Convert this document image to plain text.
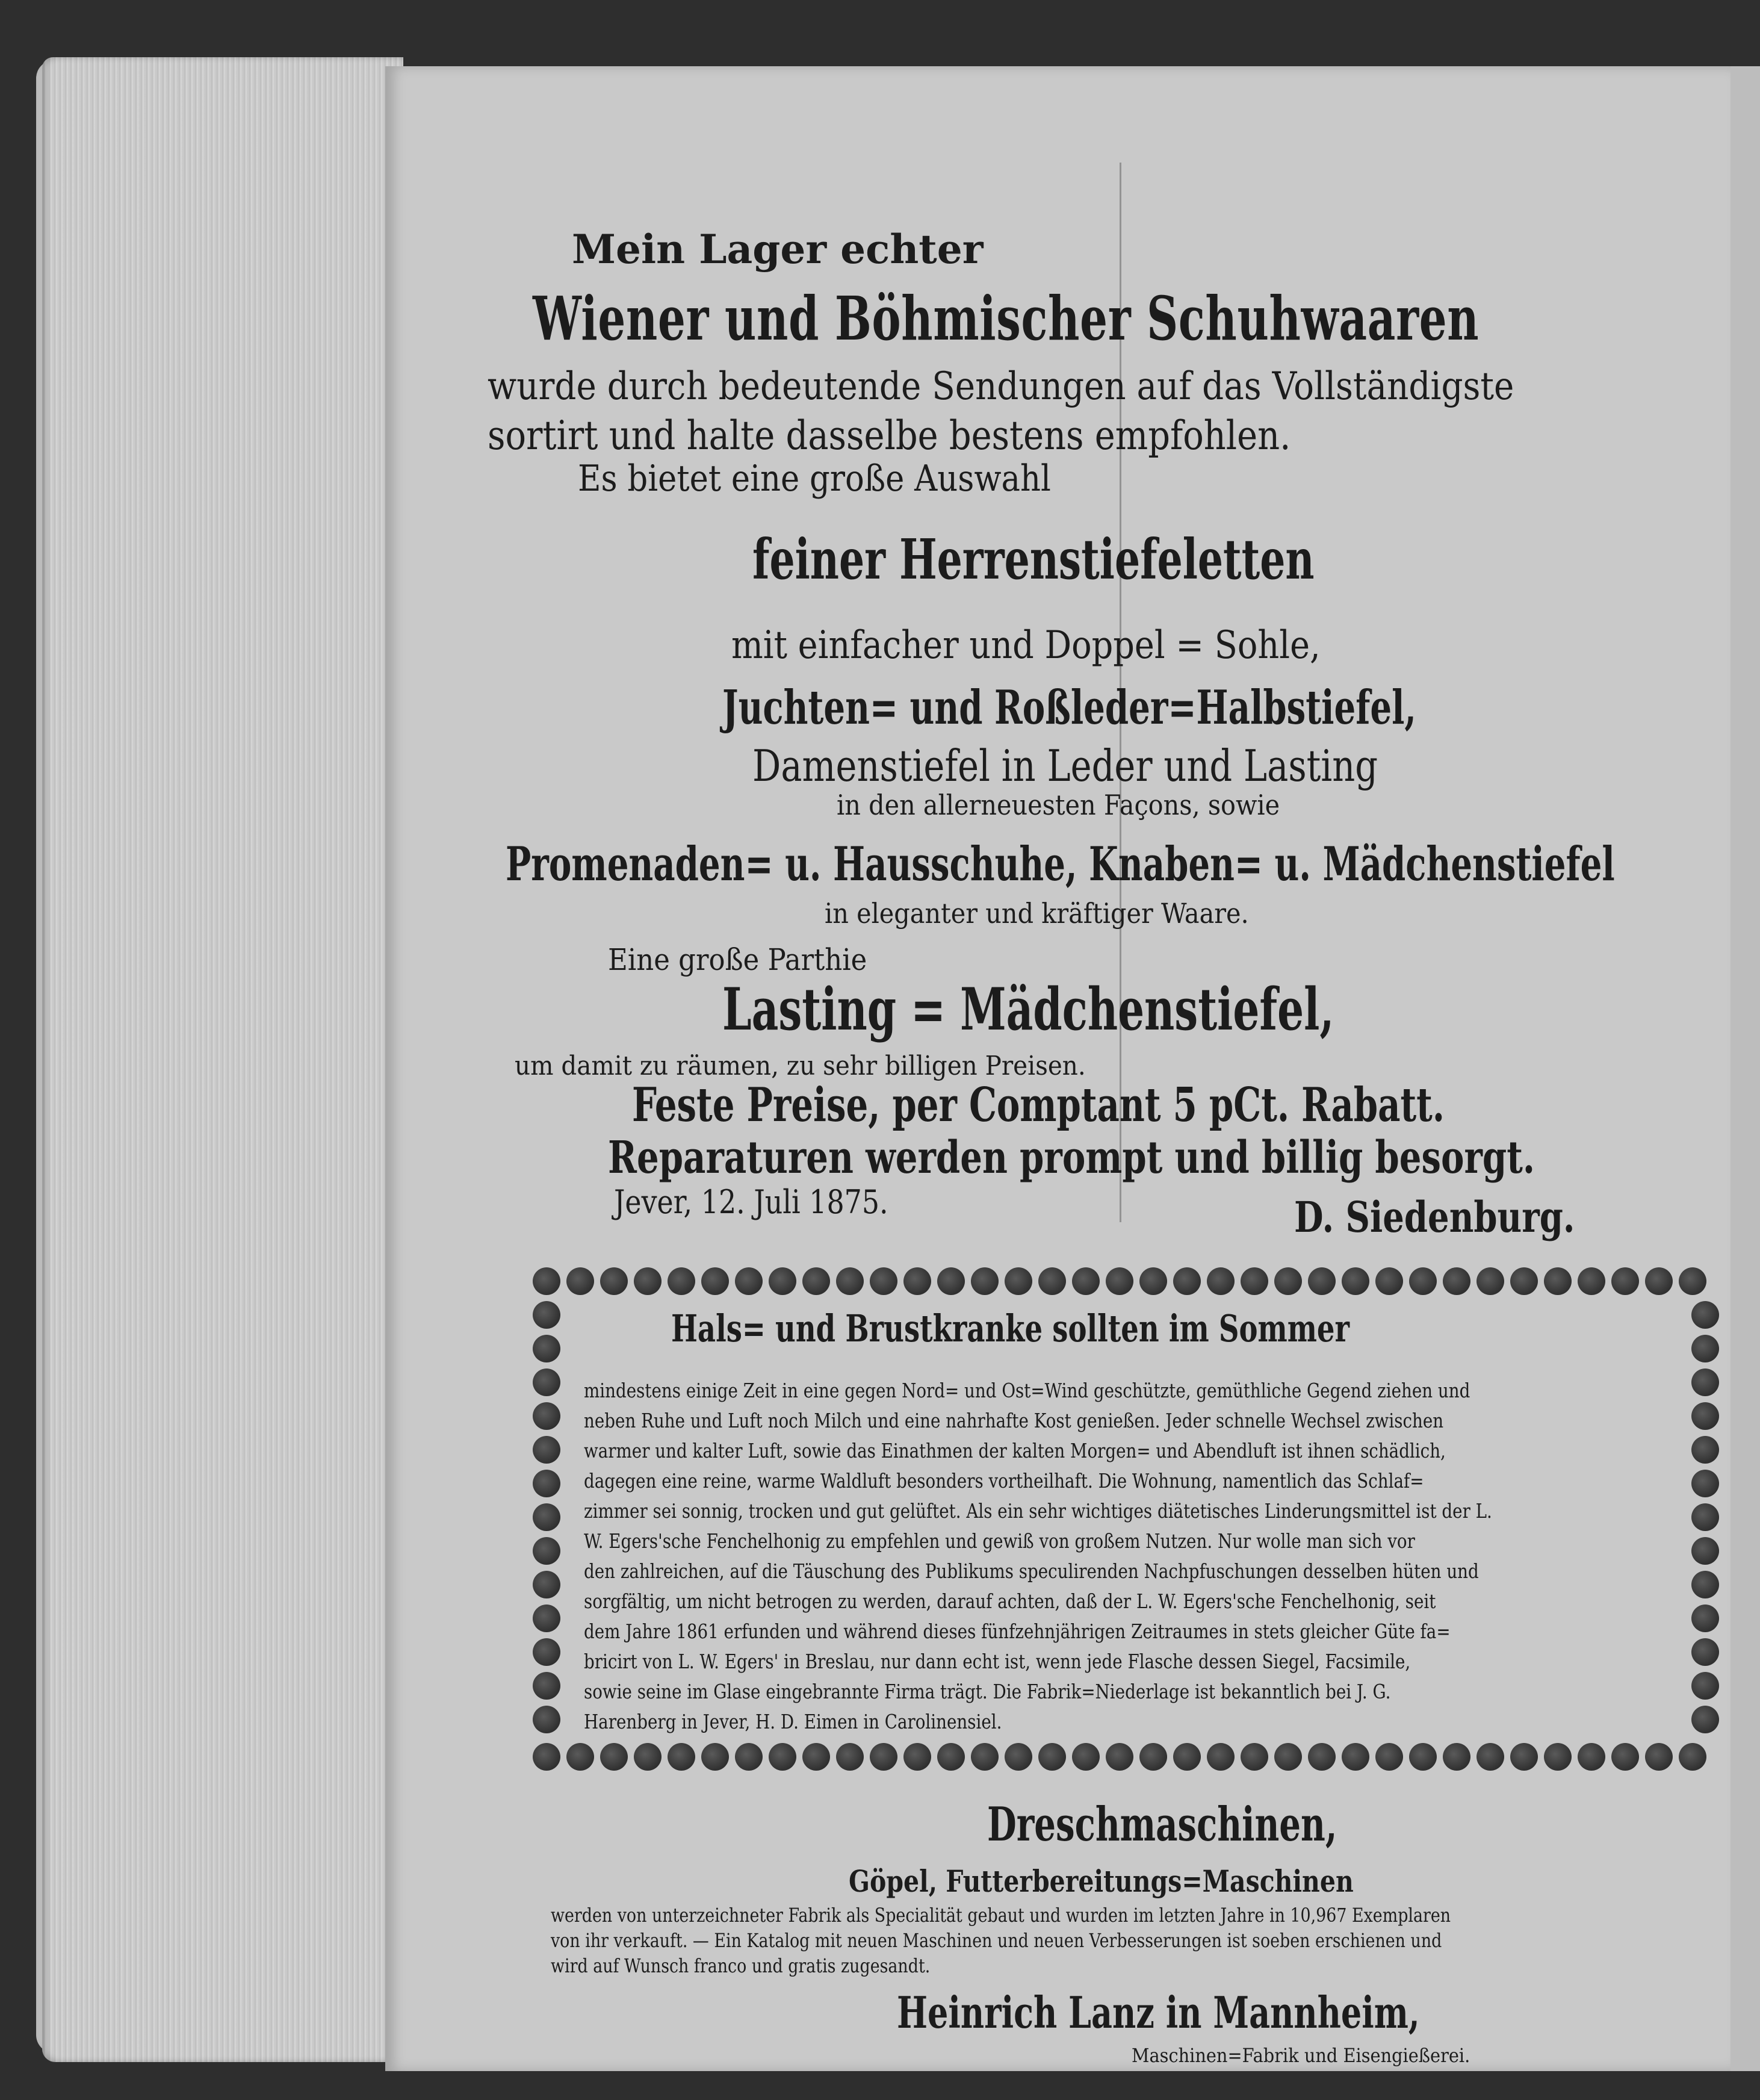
Mein Lager echter
Wiener und Böhmischer Schuhwaaren
wurde durch bedeutende Sendungen auf das Vollständigste
sortirt und halte dasselbe bestens empfohlen.
Es bietet eine große Auswahl
feiner Herrenstiefeletten
mit einfacher und Doppel = Sohle,
Juchten= und Roßleder=Halbstiefel,
Damenstiefel in Leder und Lasting
in den allerneuesten Façons, sowie
Promenaden= u. Hausschuhe, Knaben= u. Mädchenstiefel
in eleganter und kräftiger Waare.
Eine große Parthie
Lasting = Mädchenstiefel,
um damit zu räumen, zu sehr billigen Preisen.
Feste Preise, per Comptant 5 pCt. Rabatt.
Reparaturen werden prompt und billig besorgt.
Jever, 12. Juli 1875.	D. Siedenburg.
Hals= und Brustkranke sollten im Sommer
mindestens einige Zeit in eine gegen Nord= und Ost=Wind geschützte, gemüthliche Gegend ziehen und
neben Ruhe und Luft noch Milch und eine nahrhafte Kost genießen. Jeder schnelle Wechsel zwischen
warmer und kalter Luft, sowie das Einathmen der kalten Morgen= und Abendluft ist ihnen schädlich,
dagegen eine reine, warme Waldluft besonders vortheilhaft. Die Wohnung, namentlich das Schlaf=
zimmer sei sonnig, trocken und gut gelüftet. Als ein sehr wichtiges diätetisches Linderungsmittel ist der L.
W. Egers'sche Fenchelhonig zu empfehlen und gewiß von großem Nutzen. Nur wolle man sich vor
den zahlreichen, auf die Täuschung des Publikums speculirenden Nachpfuschungen desselben hüten und
sorgfältig, um nicht betrogen zu werden, darauf achten, daß der L. W. Egers'sche Fenchelhonig, seit
dem Jahre 1861 erfunden und während dieses fünfzehnjährigen Zeitraumes in stets gleicher Güte fa=
bricirt von L. W. Egers' in Breslau, nur dann echt ist, wenn jede Flasche dessen Siegel, Facsimile,
sowie seine im Glase eingebrannte Firma trägt. Die Fabrik=Niederlage ist bekanntlich bei J. G.
Harenberg in Jever, H. D. Eimen in Carolinensiel.
Dreschmaschinen,
Göpel, Futterbereitungs=Maschinen
werden von unterzeichneter Fabrik als Specialität gebaut und wurden im letzten Jahre in 10,967 Exemplaren
von ihr verkauft. — Ein Katalog mit neuen Maschinen und neuen Verbesserungen ist soeben erschienen und
wird auf Wunsch franco und gratis zugesandt.
Heinrich Lanz in Mannheim,
Maschinen=Fabrik und Eisengießerei.
